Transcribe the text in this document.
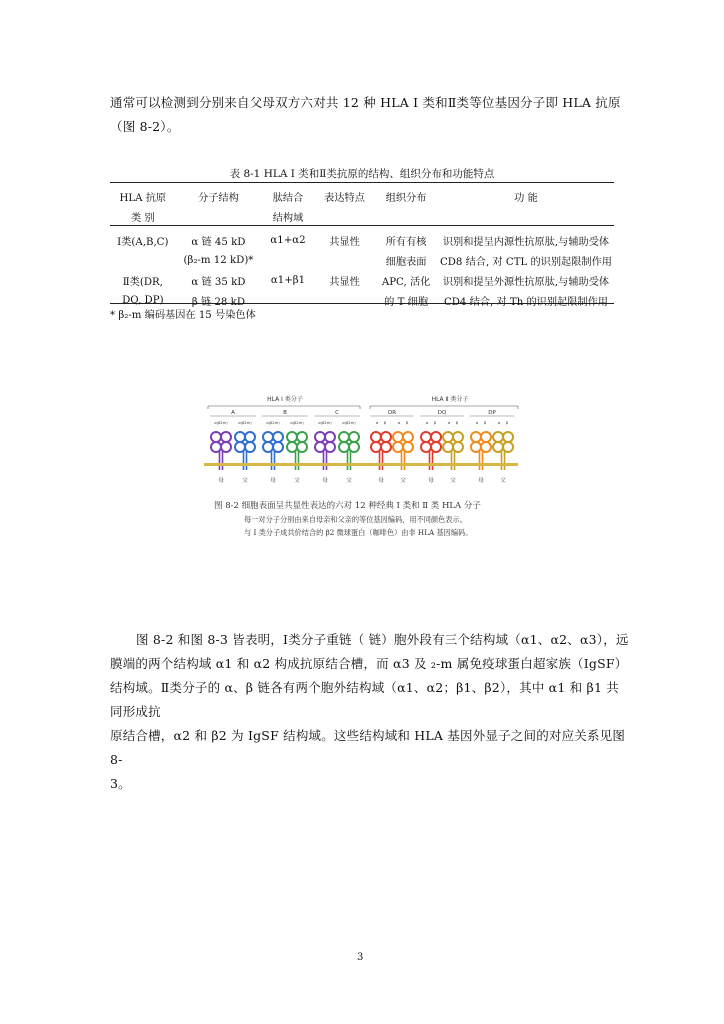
通常可以检测到分别来自父母双方六对共 12 种 HLA Ⅰ 类和Ⅱ类等位基因分子即 HLA 抗原
（图 8-2）。
表 8-1 HLA Ⅰ 类和Ⅱ类抗原的结构、组织分布和功能特点
HLA 抗原	分子结构	肽结合	表达特点	组织分布	功 能
类 别		结构域			

Ⅰ类(A,B,C)	α 链 45 kD	α1+α2	共显性	所有有核	识别和提呈内源性抗原肽,与辅助受体
	(β₂-m 12 kD)*			细胞表面	CD8 结合, 对 CTL 的识别起限制作用
Ⅱ类(DR,	α 链 35 kD	α1+β1	共显性	APC, 活化	识别和提呈外源性抗原肽,与辅助受体
DQ, DP)	β 链 28 kD			的 T 细胞	CD4 结合, 对 Th 的识别起限制作用
* β₂-m 编码基因在 15 号染色体
HLA Ⅰ 类分子	HLA Ⅱ 类分子
A
α(β2m)	α(β2m)
B
α(β2m)	α(β2m)
C
α(β2m)	α(β2m)
DR
α β	α β
DQ
α β	α β
DP
α β	α β
母	父	母	父	母	父	母	父	母	父	母	父
图 8-2 细胞表面呈共显性表达的六对 12 种经典 Ⅰ 类和 Ⅱ 类 HLA 分子
每一对分子分别由来自母亲和父亲的等位基因编码，用不同颜色表示。
与 Ⅰ 类分子成共价结合的 β2 微球蛋白（咖啡色）由非 HLA 基因编码。
图 8-2 和图 8-3 皆表明，Ⅰ类分子重链（ 链）胞外段有三个结构域（α1、α2、α3），远
膜端的两个结构域 α1 和 α2 构成抗原结合槽，而 α3 及 ₂-m 属免疫球蛋白超家族（IgSF）
结构域。Ⅱ类分子的 α、β 链各有两个胞外结构域（α1、α2；β1、β2），其中 α1 和 β1 共同形成抗
原结合槽，α2 和 β2 为 IgSF 结构域。这些结构域和 HLA 基因外显子之间的对应关系见图 8-
3。
3
